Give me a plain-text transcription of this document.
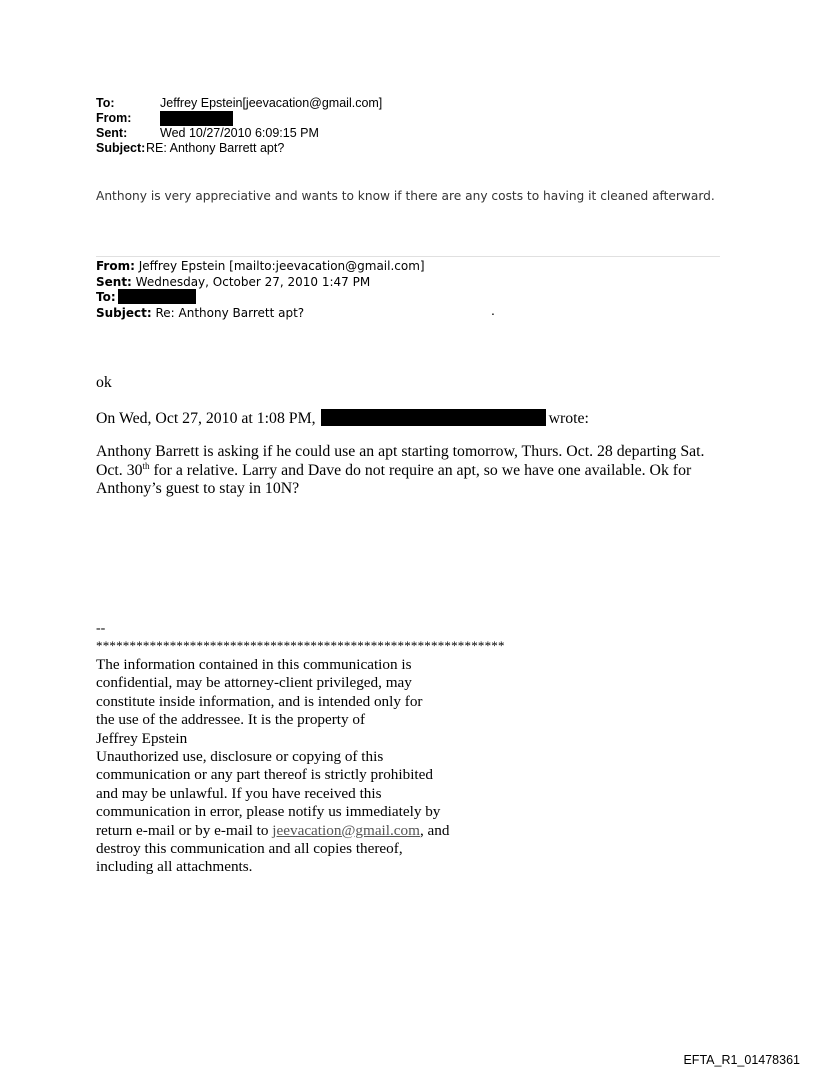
To:	Jeffrey Epstein[jeevacation@gmail.com]
From:
Sent:	Wed 10/27/2010 6:09:15 PM
Subject: RE: Anthony Barrett apt?
Anthony is very appreciative and wants to know if there are any costs to having it cleaned afterward.
From: Jeffrey Epstein [mailto:jeevacation@gmail.com]
Sent: Wednesday, October 27, 2010 1:47 PM
To:
Subject: Re: Anthony Barrett apt?	.
ok
On Wed, Oct 27, 2010 at 1:08 PM,	wrote:
Anthony Barrett is asking if he could use an apt starting tomorrow, Thurs. Oct. 28 departing Sat.
Oct. 30th for a relative. Larry and Dave do not require an apt, so we have one available. Ok for
Anthony’s guest to stay in 10N?
--
*************************************************************
The information contained in this communication is
confidential, may be attorney-client privileged, may
constitute inside information, and is intended only for
the use of the addressee. It is the property of
Jeffrey Epstein
Unauthorized use, disclosure or copying of this
communication or any part thereof is strictly prohibited
and may be unlawful. If you have received this
communication in error, please notify us immediately by
return e-mail or by e-mail to jeevacation@gmail.com, and
destroy this communication and all copies thereof,
including all attachments.
EFTA_R1_01478361
